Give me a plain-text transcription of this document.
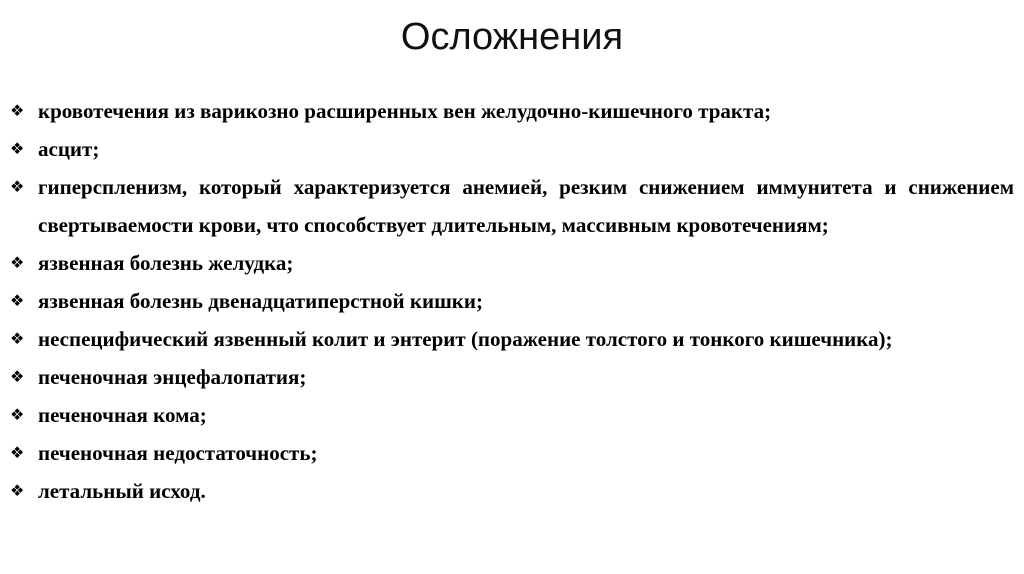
Осложнения
❖ кровотечения из варикозно расширенных вен желудочно-кишечного тракта;
❖ асцит;
❖ гиперспленизм, который характеризуется анемией, резким снижением иммунитета и снижением свертываемости крови, что способствует длительным, массивным кровотечениям;
❖ язвенная болезнь желудка;
❖ язвенная болезнь двенадцатиперстной кишки;
❖ неспецифический язвенный колит и энтерит (поражение толстого и тонкого кишечника);
❖ печеночная энцефалопатия;
❖ печеночная кома;
❖ печеночная недостаточность;
❖ летальный исход.
